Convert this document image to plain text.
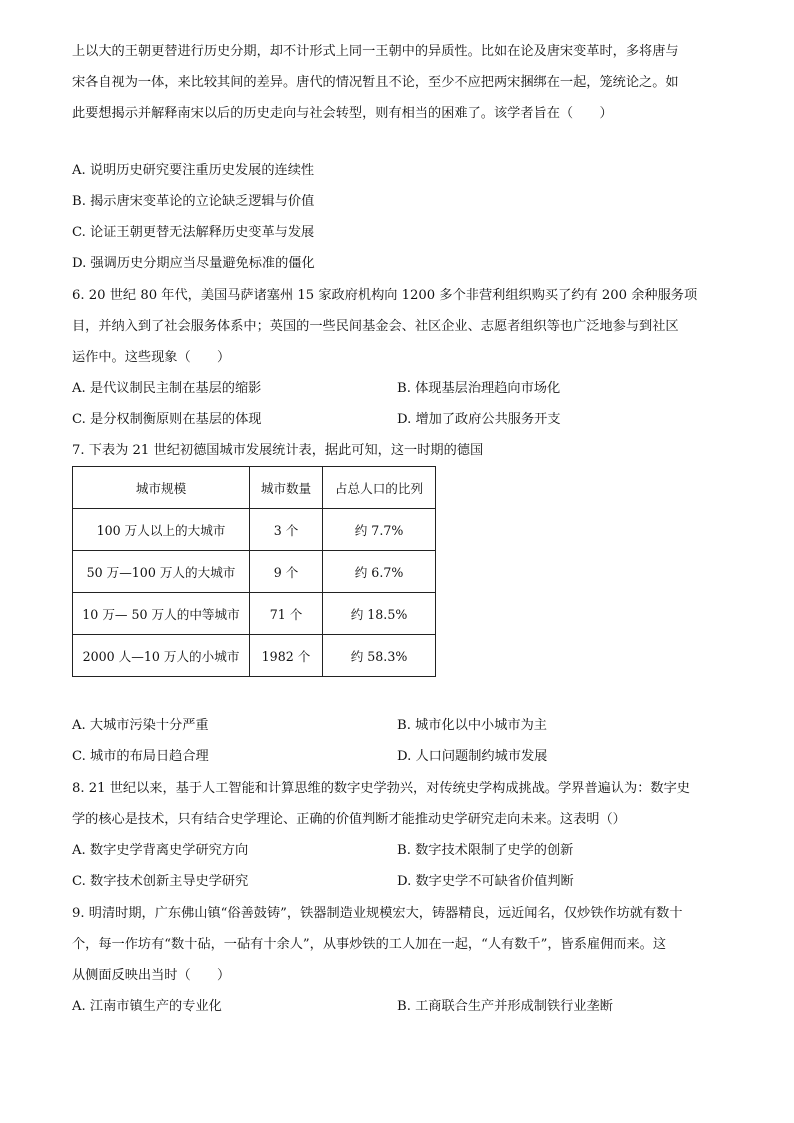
上以大的王朝更替进行历史分期，却不计形式上同一王朝中的异质性。比如在论及唐宋变革时，多将唐与
宋各自视为一体，来比较其间的差异。唐代的情况暂且不论，至少不应把两宋捆绑在一起，笼统论之。如
此要想揭示并解释南宋以后的历史走向与社会转型，则有相当的困难了。该学者旨在（　　）
A. 说明历史研究要注重历史发展的连续性
B. 揭示唐宋变革论的立论缺乏逻辑与价值
C. 论证王朝更替无法解释历史变革与发展
D. 强调历史分期应当尽量避免标准的僵化
6. 20 世纪 80 年代，美国马萨诸塞州 15 家政府机构向 1200 多个非营利组织购买了约有 200 余种服务项
目，并纳入到了社会服务体系中；英国的一些民间基金会、社区企业、志愿者组织等也广泛地参与到社区
运作中。这些现象（　　）
A. 是代议制民主制在基层的缩影	B. 体现基层治理趋向市场化
C. 是分权制衡原则在基层的体现	D. 增加了政府公共服务开支
7. 下表为 21 世纪初德国城市发展统计表，据此可知，这一时期的德国
城市规模	城市数量	占总人口的比列
100 万人以上的大城市	3 个	约 7.7%
50 万—100 万人的大城市	9 个	约 6.7%
10 万— 50 万人的中等城市	71 个	约 18.5%
2000 人—10 万人的小城市	1982 个	约 58.3%
A. 大城市污染十分严重	B. 城市化以中小城市为主
C. 城市的布局日趋合理	D. 人口问题制约城市发展
8. 21 世纪以来，基于人工智能和计算思维的数字史学勃兴，对传统史学构成挑战。学界普遍认为：数字史
学的核心是技术，只有结合史学理论、正确的价值判断才能推动史学研究走向未来。这表明（）
A. 数字史学背离史学研究方向	B. 数字技术限制了史学的创新
C. 数字技术创新主导史学研究	D. 数字史学不可缺省价值判断
9. 明清时期，广东佛山镇“俗善鼓铸”，铁器制造业规模宏大，铸器精良，远近闻名，仅炒铁作坊就有数十
个，每一作坊有“数十砧，一砧有十余人”，从事炒铁的工人加在一起，“人有数千”，皆系雇佣而来。这
从侧面反映出当时（　　）
A. 江南市镇生产的专业化	B. 工商联合生产并形成制铁行业垄断
